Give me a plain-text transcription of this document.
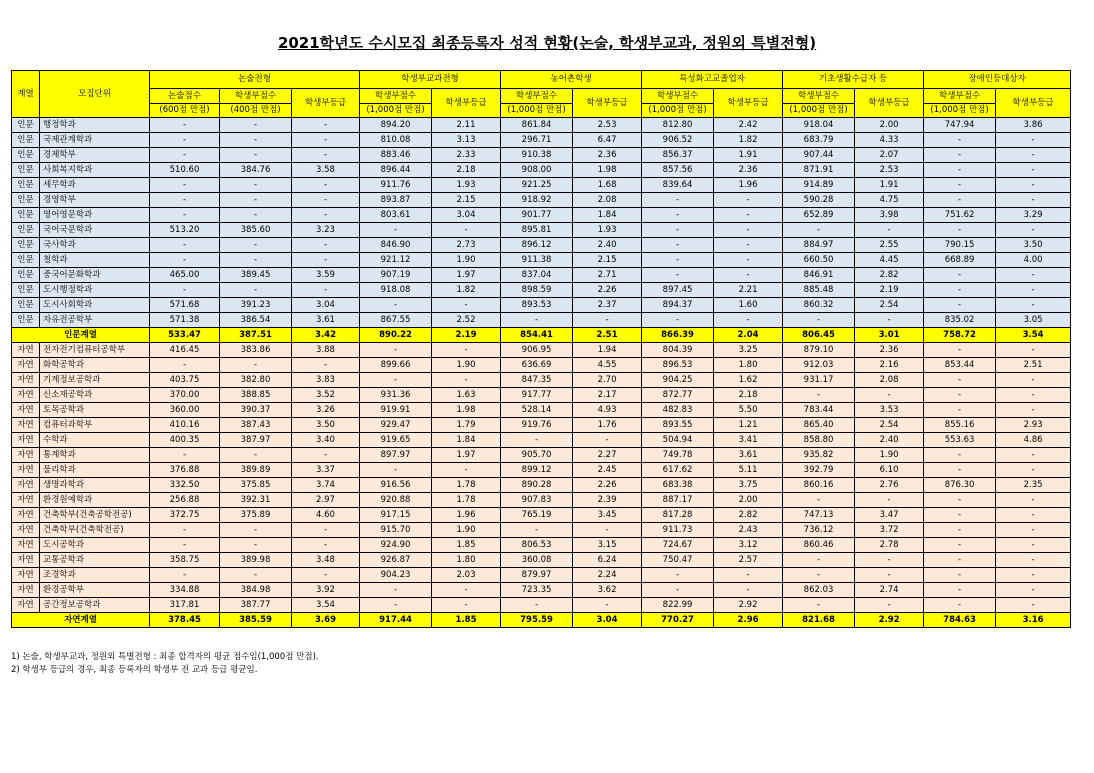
2021학년도 수시모집 최종등록자 성적 현황(논술, 학생부교과, 정원외 특별전형)
계열	모집단위	논술전형			학생부교과전형		농어촌학생		특성화고교졸업자		기초생활수급자 등		장애인등대상자	
		논술점수	학생부점수	학생부등급	학생부점수	학생부등급	학생부점수	학생부등급	학생부점수	학생부등급	학생부점수	학생부등급	학생부점수	학생부등급
		(600점 만점)	(400점 만점)		(1,000점 만점)		(1,000점 만점)		(1,000점 만점)		(1,000점 만점)		(1,000점 만점)	
인문	행정학과	-	-	-	894.20	2.11	861.84	2.53	812.80	2.42	918.04	2.00	747.94	3.86
인문	국제관계학과	-	-	-	810.08	3.13	296.71	6.47	906.52	1.82	683.79	4.33	-	-
인문	경제학부	-	-	-	883.46	2.33	910.38	2.36	856.37	1.91	907.44	2.07	-	-
인문	사회복지학과	510.60	384.76	3.58	896.44	2.18	908.00	1.98	857.56	2.36	871.91	2.53	-	-
인문	세무학과	-	-	-	911.76	1.93	921.25	1.68	839.64	1.96	914.89	1.91	-	-
인문	경영학부	-	-	-	893.87	2.15	918.92	2.08	-	-	590.28	4.75	-	-
인문	영어영문학과	-	-	-	803.61	3.04	901.77	1.84	-	-	652.89	3.98	751.62	3.29
인문	국어국문학과	513.20	385.60	3.23	-	-	895.81	1.93	-	-	-	-	-	-
인문	국사학과	-	-	-	846.90	2.73	896.12	2.40	-	-	884.97	2.55	790.15	3.50
인문	철학과	-	-	-	921.12	1.90	911.38	2.15	-	-	660.50	4.45	668.89	4.00
인문	중국어문화학과	465.00	389.45	3.59	907.19	1.97	837.04	2.71	-	-	846.91	2.82	-	-
인문	도시행정학과	-	-	-	918.08	1.82	898.59	2.26	897.45	2.21	885.48	2.19	-	-
인문	도시사회학과	571.68	391.23	3.04	-	-	893.53	2.37	894.37	1.60	860.32	2.54	-	-
인문	자유전공학부	571.38	386.54	3.61	867.55	2.52	-	-	-	-	-	-	835.02	3.05
인문계열		533.47	387.51	3.42	890.22	2.19	854.41	2.51	866.39	2.04	806.45	3.01	758.72	3.54
자연	전자전기컴퓨터공학부	416.45	383.86	3.88	-	-	906.95	1.94	804.39	3.25	879.10	2.36	-	-
자연	화학공학과	-	-	-	899.66	1.90	636.69	4.55	896.53	1.80	912.03	2.16	853.44	2.51
자연	기계정보공학과	403.75	382.80	3.83	-	-	847.35	2.70	904.25	1.62	931.17	2.08	-	-
자연	신소재공학과	370.00	388.85	3.52	931.36	1.63	917.77	2.17	872.77	2.18	-	-	-	-
자연	토목공학과	360.00	390.37	3.26	919.91	1.98	528.14	4.93	482.83	5.50	783.44	3.53	-	-
자연	컴퓨터과학부	410.16	387.43	3.50	929.47	1.79	919.76	1.76	893.55	1.21	865.40	2.54	855.16	2.93
자연	수학과	400.35	387.97	3.40	919.65	1.84	-	-	504.94	3.41	858.80	2.40	553.63	4.86
자연	통계학과	-	-	-	897.97	1.97	905.70	2.27	749.78	3.61	935.82	1.90	-	-
자연	물리학과	376.88	389.89	3.37	-	-	899.12	2.45	617.62	5.11	392.79	6.10	-	-
자연	생명과학과	332.50	375.85	3.74	916.56	1.78	890.28	2.26	683.38	3.75	860.16	2.76	876.30	2.35
자연	환경원예학과	256.88	392.31	2.97	920.88	1.78	907.83	2.39	887.17	2.00	-	-	-	-
자연	건축학부(건축공학전공)	372.75	375.89	4.60	917.15	1.96	765.19	3.45	817.28	2.82	747.13	3.47	-	-
자연	건축학부(건축학전공)	-	-	-	915.70	1.90	-	-	911.73	2.43	736.12	3.72	-	-
자연	도시공학과	-	-	-	924.90	1.85	806.53	3.15	724.67	3.12	860.46	2.78	-	-
자연	교통공학과	358.75	389.98	3.48	926.87	1.80	360.08	6.24	750.47	2.57	-	-	-	-
자연	조경학과	-	-	-	904.23	2.03	879.97	2.24	-	-	-	-	-	-
자연	환경공학부	334.88	384.98	3.92	-	-	723.35	3.62	-	-	862.03	2.74	-	-
자연	공간정보공학과	317.81	387.77	3.54	-	-	-	-	822.99	2.92	-	-	-	-
자연계열		378.45	385.59	3.69	917.44	1.85	795.59	3.04	770.27	2.96	821.68	2.92	784.63	3.16
1) 논술, 학생부교과, 정원외 특별전형 : 최종 합격자의 평균 점수임(1,000점 만점).
2) 학생부 등급의 경우, 최종 등록자의 학생부 전 교과 등급 평균임.
